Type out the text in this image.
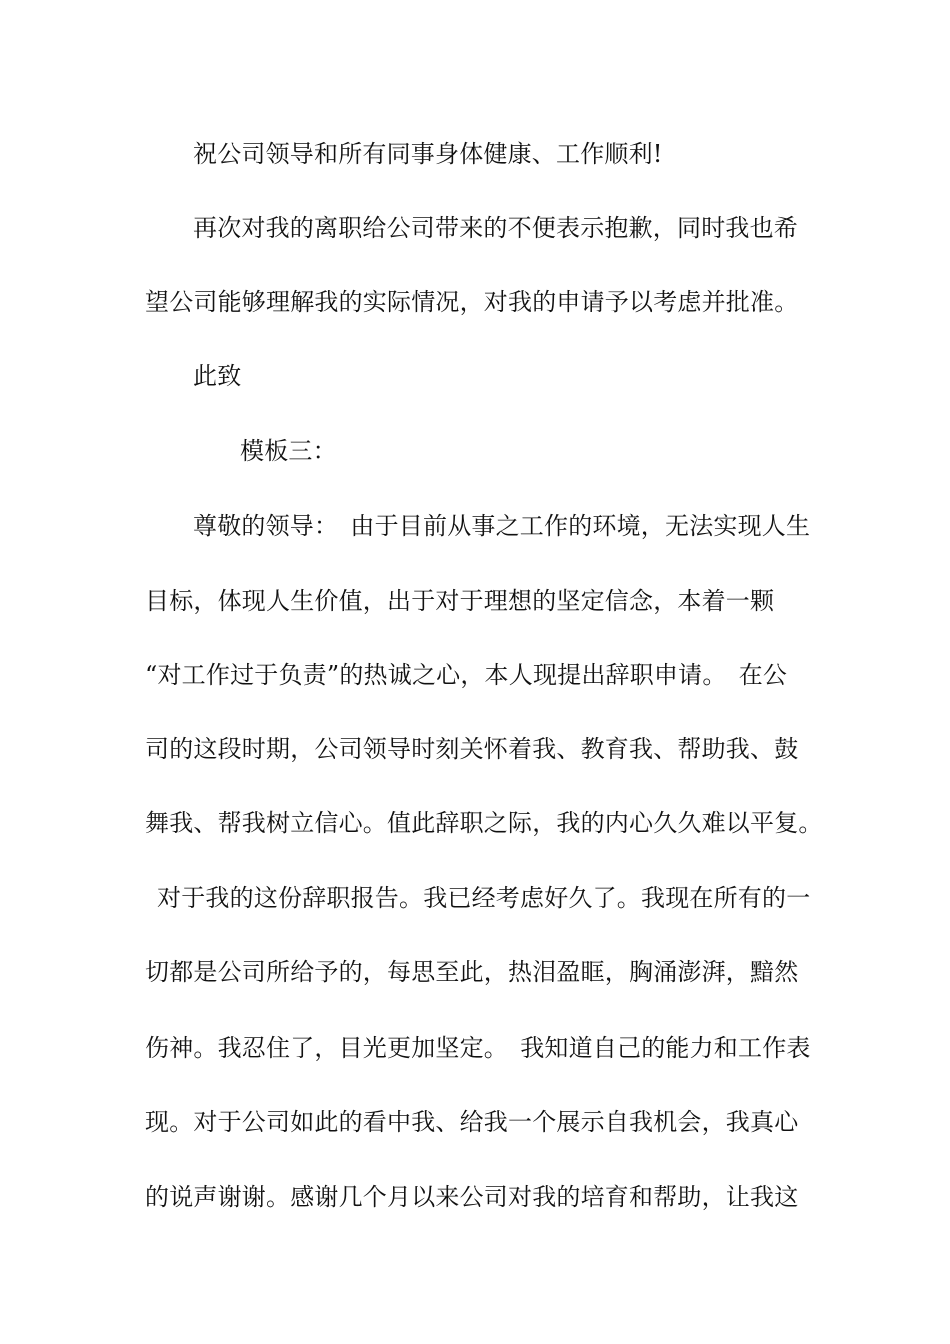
祝公司领导和所有同事身体健康、工作顺利!
再次对我的离职给公司带来的不便表示抱歉，同时我也希
望公司能够理解我的实际情况，对我的申请予以考虑并批准。
此致
模板三：
尊敬的领导：　由于目前从事之工作的环境，无法实现人生
目标，体现人生价值，出于对于理想的坚定信念，本着一颗
“对工作过于负责”的热诚之心，本人现提出辞职申请。　在公
司的这段时期，公司领导时刻关怀着我、教育我、帮助我、鼓
舞我、帮我树立信心。值此辞职之际，我的内心久久难以平复。
对于我的这份辞职报告。我已经考虑好久了。我现在所有的一
切都是公司所给予的，每思至此，热泪盈眶，胸涌澎湃，黯然
伤神。我忍住了，目光更加坚定。　我知道自己的能力和工作表
现。对于公司如此的看中我、给我一个展示自我机会，我真心
的说声谢谢。感谢几个月以来公司对我的培育和帮助，让我这
